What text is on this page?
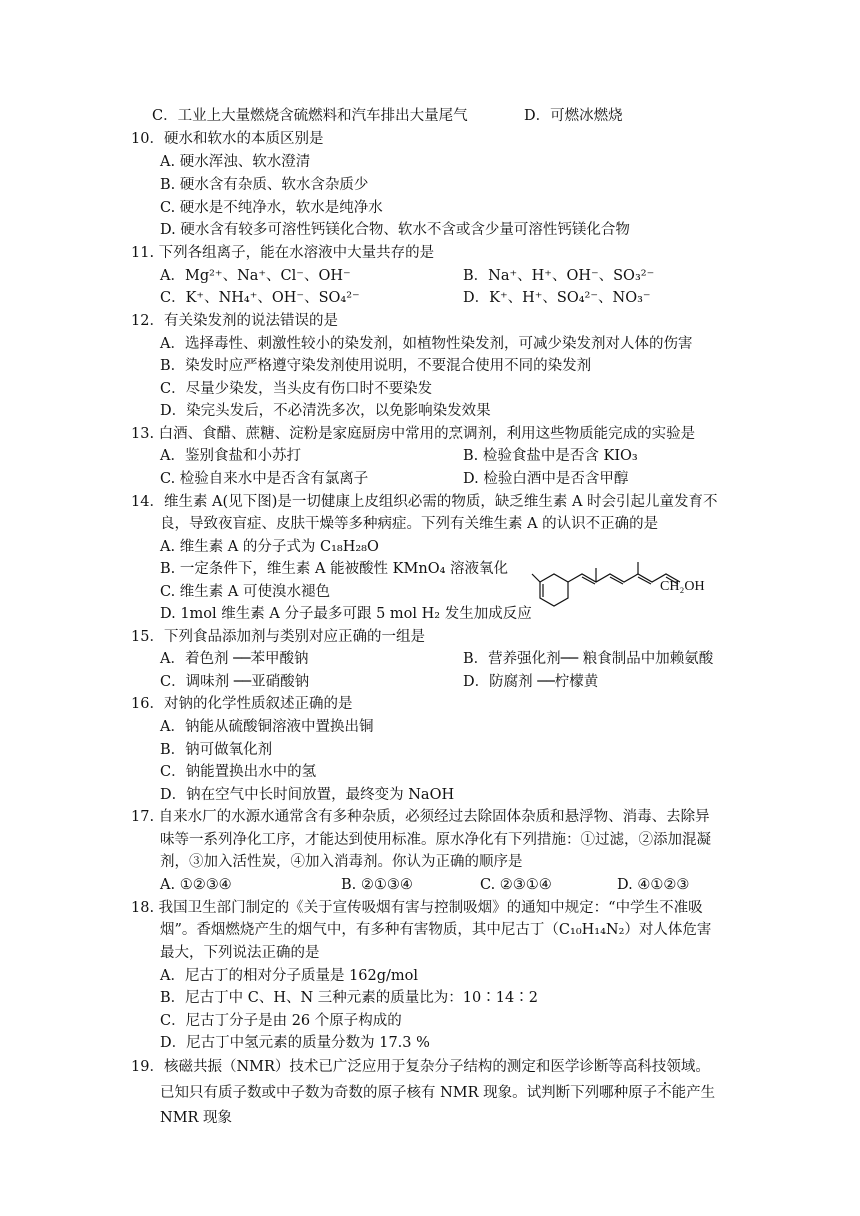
C．工业上大量燃烧含硫燃料和汽车排出大量尾气	D．可燃冰燃烧
10．硬水和软水的本质区别是
A. 硬水浑浊、软水澄清
B. 硬水含有杂质、软水含杂质少
C. 硬水是不纯净水，软水是纯净水
D. 硬水含有较多可溶性钙镁化合物、软水不含或含少量可溶性钙镁化合物
11. 下列各组离子，能在水溶液中大量共存的是
A．Mg²⁺、Na⁺、Cl⁻、OH⁻	B．Na⁺、H⁺、OH⁻、SO₃²⁻
C．K⁺、NH₄⁺、OH⁻、SO₄²⁻	D．K⁺、H⁺、SO₄²⁻、NO₃⁻
12．有关染发剂的说法错误的是
A．选择毒性、刺激性较小的染发剂，如植物性染发剂，可减少染发剂对人体的伤害
B．染发时应严格遵守染发剂使用说明，不要混合使用不同的染发剂
C．尽量少染发，当头皮有伤口时不要染发
D．染完头发后，不必清洗多次，以免影响染发效果
13. 白酒、食醋、蔗糖、淀粉是家庭厨房中常用的烹调剂，利用这些物质能完成的实验是
A．鉴别食盐和小苏打	B. 检验食盐中是否含 KIO₃
C. 检验自来水中是否含有氯离子	D. 检验白酒中是否含甲醇
14．维生素 A(见下图)是一切健康上皮组织必需的物质，缺乏维生素 A 时会引起儿童发育不
良，导致夜盲症、皮肤干燥等多种病症。下列有关维生素 A 的认识不正确的是
A. 维生素 A 的分子式为 C₁₈H₂₈O
B. 一定条件下，维生素 A 能被酸性 KMnO₄ 溶液氧化
C. 维生素 A 可使溴水褪色
D. 1mol 维生素 A 分子最多可跟 5 mol H₂ 发生加成反应
CH₂OH
15．下列食品添加剂与类别对应正确的一组是
A．着色剂 ──苯甲酸钠	B．营养强化剂── 粮食制品中加赖氨酸
C．调味剂 ──亚硝酸钠	D．防腐剂 ──柠檬黄
16．对钠的化学性质叙述正确的是
A．钠能从硫酸铜溶液中置换出铜
B．钠可做氧化剂
C．钠能置换出水中的氢
D．钠在空气中长时间放置，最终变为 NaOH
17. 自来水厂的水源水通常含有多种杂质，必须经过去除固体杂质和悬浮物、消毒、去除异
味等一系列净化工序，才能达到使用标准。原水净化有下列措施：①过滤，②添加混凝
剂，③加入活性炭，④加入消毒剂。你认为正确的顺序是
A. ①②③④	B. ②①③④	C. ②③①④	D. ④①②③
18. 我国卫生部门制定的《关于宣传吸烟有害与控制吸烟》的通知中规定：“中学生不准吸
烟”。香烟燃烧产生的烟气中，有多种有害物质，其中尼古丁（C₁₀H₁₄N₂）对人体危害
最大，下列说法正确的是
A．尼古丁的相对分子质量是 162g/mol
B．尼古丁中 C、H、N 三种元素的质量比为：10∶14∶2
C．尼古丁分子是由 26 个原子构成的
D．尼古丁中氢元素的质量分数为 17.3 %
19．核磁共振（NMR）技术已广泛应用于复杂分子结构的测定和医学诊断等高科技领域。
已知只有质子数或中子数为奇数的原子核有 NMR 现象。试判断下列哪种原子不能产生
NMR 现象
